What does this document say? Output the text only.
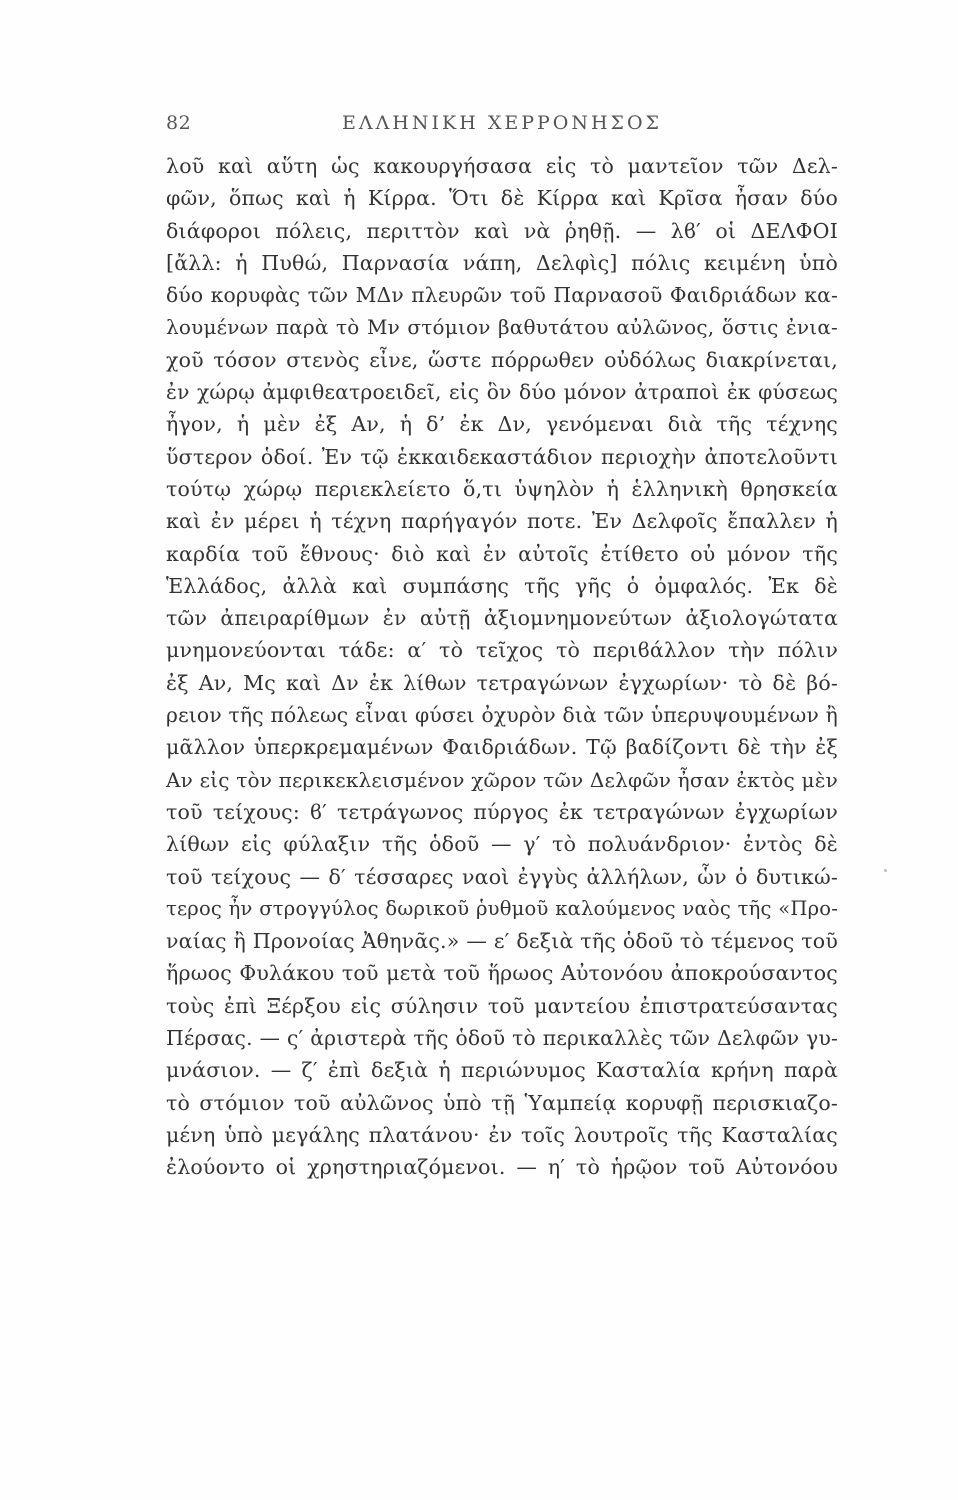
82	ΕΛΛΗΝΙΚΗ ΧΕΡΡΟΝΗΣΟΣ
λοῦ καὶ αὕτη ὡς κακουργήσασα εἰς τὸ μαντεῖον τῶν Δελ-
φῶν, ὅπως καὶ ἡ Κίρρα. Ὅτι δὲ Κίρρα καὶ Κρῖσα ἦσαν δύο
διάφοροι πόλεις, περιττὸν καὶ νὰ ῥηθῇ. — λϐ′ οἱ ΔΕΛΦΟΙ
[ἄλλ: ἡ Πυθώ, Παρνασία νάπη, Δελφὶς] πόλις κειμένη ὑπὸ
δύο κορυφὰς τῶν ΜΔν πλευρῶν τοῦ Παρνασοῦ Φαιδριάδων κα-
λουμένων παρὰ τὸ Μν στόμιον βαθυτάτου αὐλῶνος, ὅστις ἐνια-
χοῦ τόσον στενὸς εἶνε, ὥστε πόρρωθεν οὐδόλως διακρίνεται,
ἐν χώρῳ ἀμφιθεατροειδεῖ, εἰς ὃν δύο μόνον ἀτραποὶ ἐκ φύσεως
ἦγον, ἡ μὲν ἐξ Αν, ἡ δ’ ἐκ Δν, γενόμεναι διὰ τῆς τέχνης
ὕστερον ὁδοί. Ἐν τῷ ἑκκαιδεκαστάδιον περιοχὴν ἀποτελοῦντι
τούτῳ χώρῳ περιεκλείετο ὅ,τι ὑψηλὸν ἡ ἑλληνικὴ θρησκεία
καὶ ἐν μέρει ἡ τέχνη παρήγαγόν ποτε. Ἐν Δελφοῖς ἔπαλλεν ἡ
καρδία τοῦ ἔθνους· διὸ καὶ ἐν αὐτοῖς ἐτίθετο οὐ μόνον τῆς
Ἑλλάδος, ἀλλὰ καὶ συμπάσης τῆς γῆς ὁ ὀμφαλός. Ἐκ δὲ
τῶν ἀπειραρίθμων ἐν αὐτῇ ἀξιομνημονεύτων ἀξιολογώτατα
μνημονεύονται τάδε: α′ τὸ τεῖχος τὸ περιϐάλλον τὴν πόλιν
ἐξ Αν, Μς καὶ Δν ἐκ λίθων τετραγώνων ἐγχωρίων· τὸ δὲ βό-
ρειον τῆς πόλεως εἶναι φύσει ὀχυρὸν διὰ τῶν ὑπερυψουμένων ἢ
μᾶλλον ὑπερκρεμαμένων Φαιδριάδων. Τῷ βαδίζοντι δὲ τὴν ἐξ
Αν εἰς τὸν περικεκλεισμένον χῶρον τῶν Δελφῶν ἦσαν ἐκτὸς μὲν
τοῦ τείχους: ϐ′ τετράγωνος πύργος ἐκ τετραγώνων ἐγχωρίων
λίθων εἰς φύλαξιν τῆς ὁδοῦ — γ′ τὸ πολυάνδριον· ἐντὸς δὲ
τοῦ τείχους — δ′ τέσσαρες ναοὶ ἐγγὺς ἀλλήλων, ὧν ὁ δυτικώ-
τερος ἦν στρογγύλος δωρικοῦ ῥυθμοῦ καλούμενος ναὸς τῆς «Προ-
ναίας ἢ Προνοίας Ἀθηνᾶς.» — ε′ δεξιὰ τῆς ὁδοῦ τὸ τέμενος τοῦ
ἥρωος Φυλάκου τοῦ μετὰ τοῦ ἥρωος Αὐτονόου ἀποκρούσαντος
τοὺς ἐπὶ Ξέρξου εἰς σύλησιν τοῦ μαντείου ἐπιστρατεύσαντας
Πέρσας. — ς′ ἀριστερὰ τῆς ὁδοῦ τὸ περικαλλὲς τῶν Δελφῶν γυ-
μνάσιον. — ζ′ ἐπὶ δεξιὰ ἡ περιώνυμος Κασταλία κρήνη παρὰ
τὸ στόμιον τοῦ αὐλῶνος ὑπὸ τῇ Ὑαμπείᾳ κορυφῇ περισκιαζο-
μένη ὑπὸ μεγάλης πλατάνου· ἐν τοῖς λουτροῖς τῆς Κασταλίας
ἐλούοντο οἱ χρηστηριαζόμενοι. — η′ τὸ ἡρῷον τοῦ Αὐτονόου
